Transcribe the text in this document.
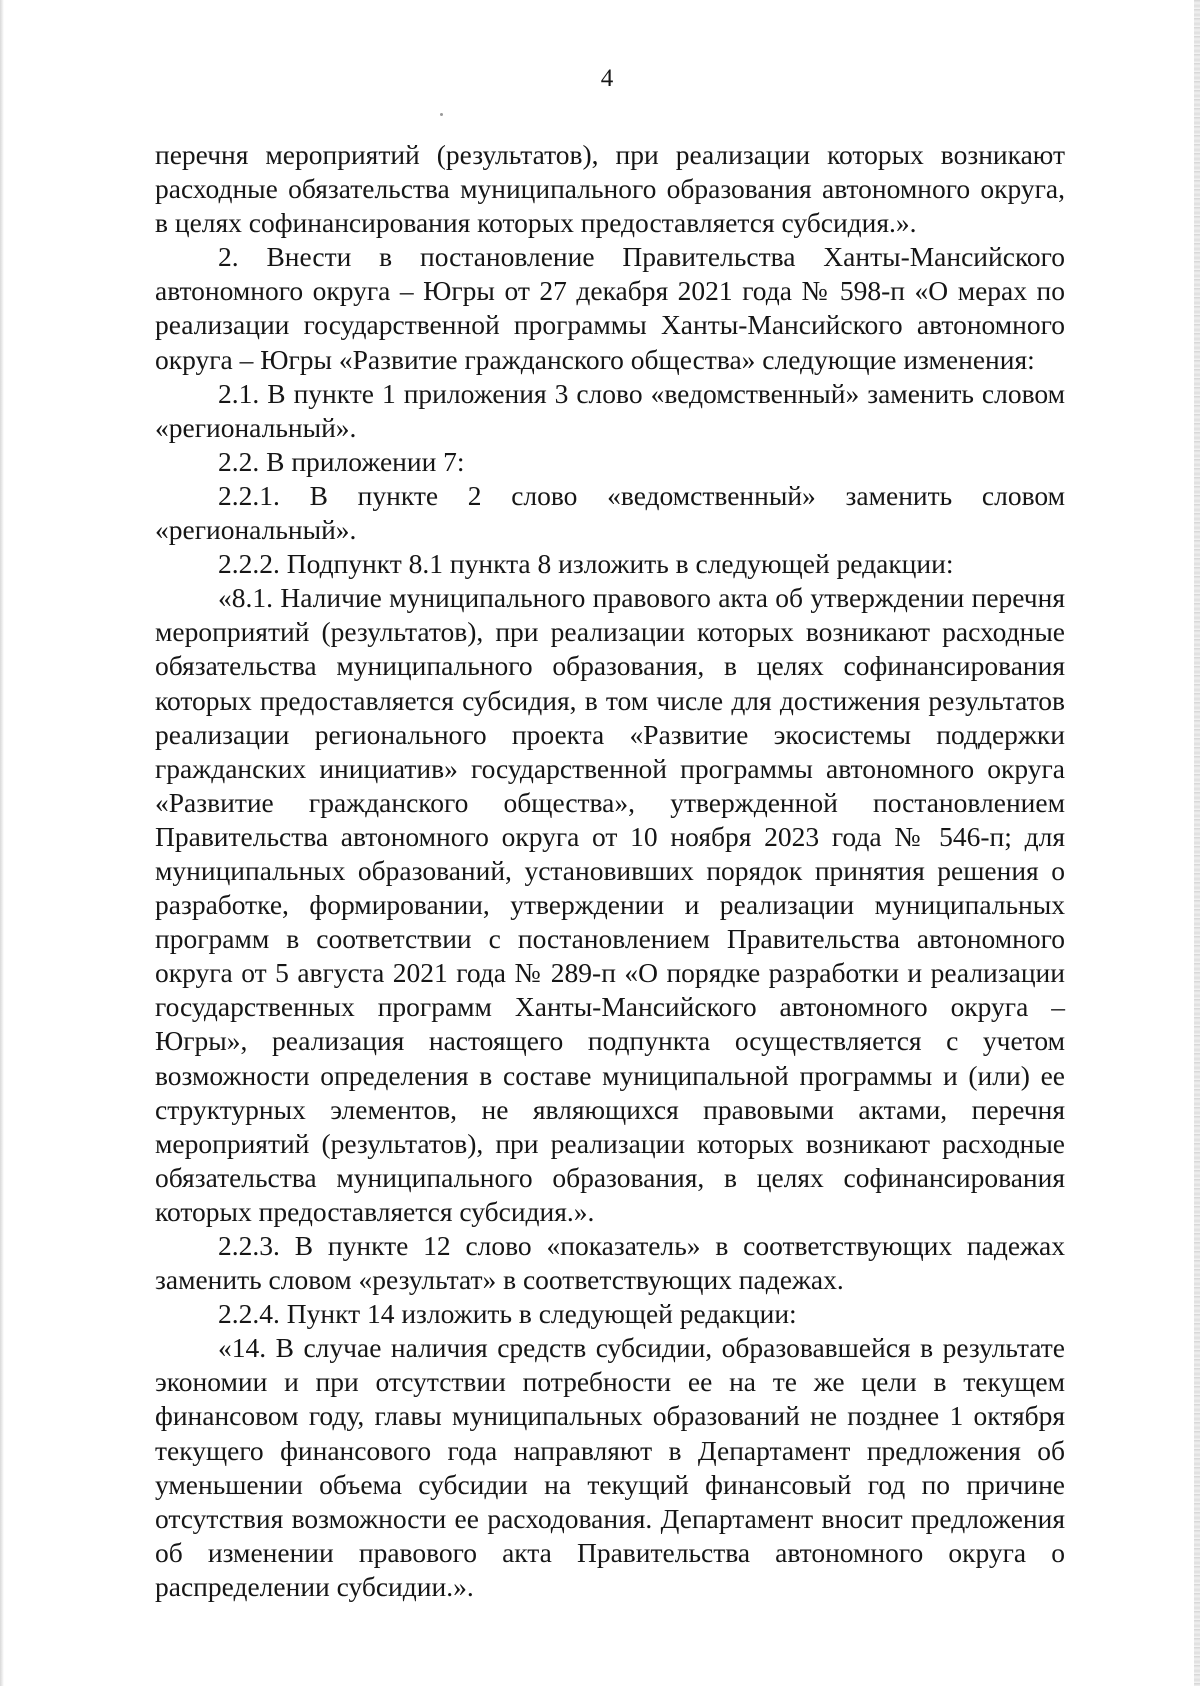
4

перечня мероприятий (результатов), при реализации которых возникают расходные обязательства муниципального образования автономного округа, в целях софинансирования которых предоставляется субсидия.».

2. Внести в постановление Правительства Ханты-Мансийского автономного округа – Югры от 27 декабря 2021 года № 598-п «О мерах по реализации государственной программы Ханты-Мансийского автономного округа – Югры «Развитие гражданского общества» следующие изменения:

2.1. В пункте 1 приложения 3 слово «ведомственный» заменить словом «региональный».

2.2. В приложении 7:

2.2.1. В пункте 2 слово «ведомственный» заменить словом «региональный».

2.2.2. Подпункт 8.1 пункта 8 изложить в следующей редакции:

«8.1. Наличие муниципального правового акта об утверждении перечня мероприятий (результатов), при реализации которых возникают расходные обязательства муниципального образования, в целях софинансирования которых предоставляется субсидия, в том числе для достижения результатов реализации регионального проекта «Развитие экосистемы поддержки гражданских инициатив» государственной программы автономного округа «Развитие гражданского общества», утвержденной постановлением Правительства автономного округа от 10 ноября 2023 года № 546-п; для муниципальных образований, установивших порядок принятия решения о разработке, формировании, утверждении и реализации муниципальных программ в соответствии с постановлением Правительства автономного округа от 5 августа 2021 года № 289-п «О порядке разработки и реализации государственных программ Ханты-Мансийского автономного округа – Югры», реализация настоящего подпункта осуществляется с учетом возможности определения в составе муниципальной программы и (или) ее структурных элементов, не являющихся правовыми актами, перечня мероприятий (результатов), при реализации которых возникают расходные обязательства муниципального образования, в целях софинансирования которых предоставляется субсидия.».

2.2.3. В пункте 12 слово «показатель» в соответствующих падежах заменить словом «результат» в соответствующих падежах.

2.2.4. Пункт 14 изложить в следующей редакции:

«14. В случае наличия средств субсидии, образовавшейся в результате экономии и при отсутствии потребности ее на те же цели в текущем финансовом году, главы муниципальных образований не позднее 1 октября текущего финансового года направляют в Департамент предложения об уменьшении объема субсидии на текущий финансовый год по причине отсутствия возможности ее расходования. Департамент вносит предложения об изменении правового акта Правительства автономного округа о распределении субсидии.».
